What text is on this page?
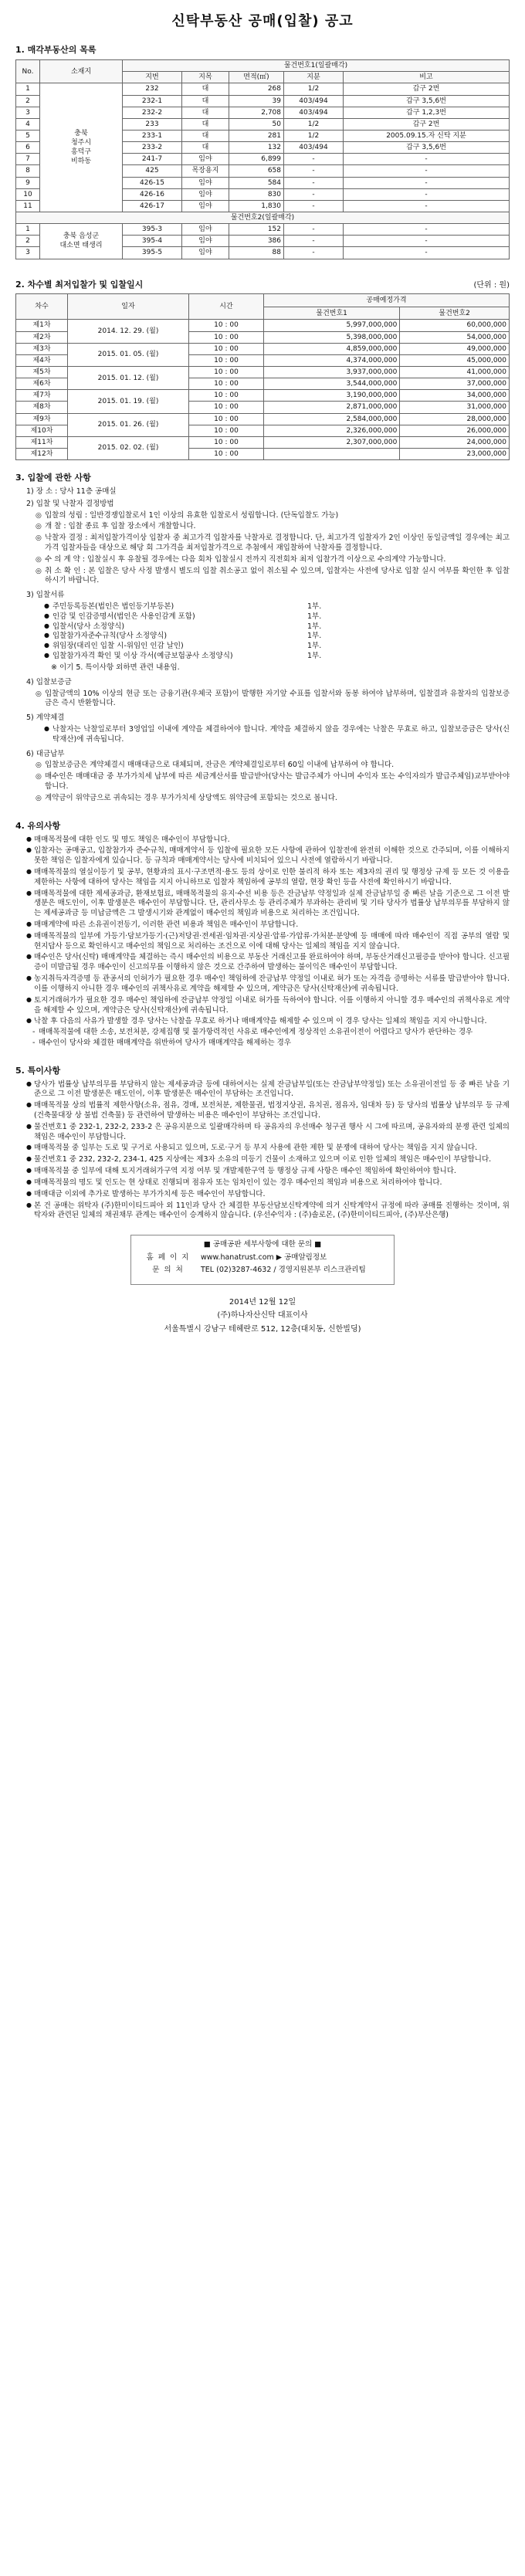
신탁부동산 공매(입찰) 공고
1. 매각부동산의 목록
No.	소재지	물건번호1(일괄매각)				
		지번	지목	면적(㎡)	지분	비고
1	충북
청주시
흥덕구
비하동	232	대	268	1/2	갑구 2번
2		232-1	대	39	403/494	갑구 3,5,6번
3		232-2	대	2,708	403/494	갑구 1,2,3번
4		233	대	50	1/2	갑구 2번
5		233-1	대	281	1/2	2005.09.15.자 신탁 지분
6		233-2	대	132	403/494	갑구 3,5,6번
7		241-7	임야	6,899	-	-
8		425	목장용지	658	-	-
9		426-15	임야	584	-	-
10		426-16	임야	830	-	-
11		426-17	임야	1,830	-	-
물건번호2(일괄매각)						
1	충북 음성군
대소면 태생리	395-3	임야	152	-	-
2		395-4	임야	386	-	-
3		395-5	임야	88	-	-
2. 차수별 최저입찰가 및 입찰일시	(단위 : 원)
차수	일자	시간	공매예정가격	
			물건번호1	물건번호2
제1차	2014. 12. 29. (월)	10 : 00	5,997,000,000	60,000,000
제2차		10 : 00	5,398,000,000	54,000,000
제3차	2015. 01. 05. (월)	10 : 00	4,859,000,000	49,000,000
제4차		10 : 00	4,374,000,000	45,000,000
제5차	2015. 01. 12. (월)	10 : 00	3,937,000,000	41,000,000
제6차		10 : 00	3,544,000,000	37,000,000
제7차	2015. 01. 19. (월)	10 : 00	3,190,000,000	34,000,000
제8차		10 : 00	2,871,000,000	31,000,000
제9차	2015. 01. 26. (월)	10 : 00	2,584,000,000	28,000,000
제10차		10 : 00	2,326,000,000	26,000,000
제11차	2015. 02. 02. (월)	10 : 00	2,307,000,000	24,000,000
제12차		10 : 00		23,000,000
3. 입찰에 관한 사항
1) 장 소 : 당사 11층 공매실
2) 입찰 및 낙찰자 결정방법
◎ 입찰의 성립 : 일반경쟁입찰로서 1인 이상의 유효한 입찰로서 성립합니다. (단독입찰도 가능)
◎ 개 찰 : 입찰 종료 후 입찰 장소에서 개찰합니다.
◎ 낙찰자 결정 : 최저입찰가격이상 입찰자 중 최고가격 입찰자를 낙찰자로 결정합니다. 단, 최고가격 입찰자가 2인 이상인 동일금액일 경우에는 최고가격 입찰자들을 대상으로 해당 회 그가격을 최저입찰가격으로 추첨에서 재입찰하여 낙찰자를 결정합니다.
◎ 수 의 계 약 : 입찰실시 후 유찰될 경우에는 다음 회차 입찰실시 전까지 직전회차 최저 입찰가격 이상으로 수의계약 가능합니다.
◎ 취 소 확 인 : 본 입찰은 당사 사정 발생시 별도의 입찰 취소공고 없이 취소될 수 있으며, 입찰자는 사전에 당사로 입찰 실시 여부를 확인한 후 입찰하시기 바랍니다.
3) 입찰서류
● 주민등록등본(법인은 법인등기부등본)	1부.
● 인감 및 인감증명서(법인은 사용인감계 포함)	1부.
● 입찰서(당사 소정양식)	1부.
● 입찰참가자준수규칙(당사 소정양식)	1부.
● 위임장(대리인 입찰 시-위임인 인감 날인)	1부.
● 입찰참가자격 확인 및 이상 각서(예금보험공사 소정양식)	1부.
※ 이기 5. 특이사항 외하면 관련 내용임.
4) 입찰보증금
◎ 입찰금액의 10% 이상의 현금 또는 금융기관(우체국 포함)이 발행한 자기앞 수표를 입찰서와 동봉 하여야 납부하며, 입찰결과 유찰자의 입찰보증금은 즉시 반환합니다.
5) 계약체결
● 낙찰자는 낙찰일로부터 3영업일 이내에 계약을 체결하여야 합니다. 계약을 체결하지 않을 경우에는 낙찰은 무효로 하고, 입찰보증금은 당사(신탁재산)에 귀속됩니다.
6) 대금납부
◎ 입찰보증금은 계약체결시 매매대금으로 대체되며, 잔금은 계약체결일로부터 60일 이내에 납부하여 야 합니다.
◎ 매수인은 매매대금 중 부가가치세 납부에 따른 세금계산서를 발급받아(당사는 발급주체가 아니며 수익자 또는 수익자의가 발급주체임)교부받아야 합니다.
◎ 계약금이 위약금으로 귀속되는 경우 부가가치세 상당액도 위약금에 포함되는 것으로 봅니다.
4. 유의사항
● 매매목적물에 대한 인도 및 명도 책임은 매수인이 부담합니다.
● 입찰자는 공매공고, 입찰참가자 준수규칙, 매매계약서 등 입찰에 필요한 모든 사항에 관하여 입찰전에 완전히 이해한 것으로 간주되며, 이를 이해하지 못한 책임은 입찰자에게 있습니다. 등 규칙과 매매계약서는 당사에 비치되어 있으니 사전에 열람하시기 바랍니다.
● 매매목적물의 열실이등기 및 공부, 현황과의 표시·구조면적·용도 등의 상이로 인한 불리적 하자 또는 제3자의 권리 및 행정상 규제 등 모든 것 이용을 제한하는 사항에 대하여 당사는 책임을 지지 아니하므로 입찰자 책임하에 공부의 열람, 현장 확인 등을 사전에 확인하시기 바랍니다.
● 매매목적물에 대한 제세공과금, 환재보험료, 매매목적물의 유지·수선 비용 등은 잔금납부 약정일과 실제 잔금납부일 중 빠른 날을 기준으로 그 이전 발생분은 매도인이, 이후 발생분은 매수인이 부담합니다. 단, 관리사무소 등 관리주체가 부과하는 관리비 및 기타 당사가 법률상 납부의무를 부담하지 않는 제세공과금 등 미납금액은 그 발생시기와 관계없이 매수인의 책임과 비용으로 처리하는 조건입니다.
● 매매계약에 따른 소유권이전등기, 이러한 관련 비용과 책임은 매수인이 부담합니다.
● 매매목적물의 일부에 가등기·담보가등기·(근)저당권·전세권·임차권·지상권·압류·가압류·가처분·분양예 등 매매에 따라 매수인이 직접 공부의 열람 및 현지답사 등으로 확인하시고 매수인의 책임으로 처리하는 조건으로 이에 대해 당사는 일체의 책임을 지지 않습니다.
● 매수인은 당사(신탁) 매매계약을 체결하는 즉시 매수인의 비용으로 부동산 거래신고를 완료하여야 하며, 부동산거래신고필증을 받아야 합니다. 신고필증이 미발급될 경우 매수인이 신고의무를 이행하지 않은 것으로 간주하여 발생하는 불이익은 매수인이 부담합니다.
● 농지취득자격증명 등 관공서의 인허가가 필요한 경우 매수인 책임하에 잔금납부 약정일 이내로 허가 또는 자격을 증명하는 서류를 발급받아야 합니다. 이를 이행하지 아니한 경우 매수인의 귀책사유로 계약을 해제할 수 있으며, 계약금은 당사(신탁재산)에 귀속됩니다.
● 토지거래허가가 필요한 경우 매수인 책임하에 잔금납부 약정일 이내로 허가를 득하여야 합니다. 이를 이행하지 아니할 경우 매수인의 귀책사유로 계약을 해제할 수 있으며, 계약금은 당사(신탁재산)에 귀속됩니다.
● 낙찰 후 다음의 사유가 발생할 경우 당사는 낙찰을 무효로 하거나 매매계약을 해제할 수 있으며 이 경우 당사는 일체의 책임을 지지 아니합니다.
- 매매목적물에 대한 소송, 보전처분, 강제집행 및 물가항력적인 사유로 매수인에게 정상적인 소유권이전이 어렵다고 당사가 판단하는 경우
- 매수인이 당사와 체결한 매매계약을 위반하여 당사가 매매계약을 해제하는 경우
5. 특이사항
● 당사가 법률상 납부의무를 부담하지 않는 제세공과금 등에 대하여서는 실제 잔금납부일(또는 잔금납부약정일) 또는 소유권이전일 등 중 빠른 날을 기준으로 그 이전 발생분은 매도인이, 이후 발생분은 매수인이 부담하는 조건입니다.
● 매매목적물 상의 법률적 제한사항(소유, 점유, 경매, 보전처분, 제한물권, 법정지상권, 유치권, 점유자, 임대차 등) 등 당사의 법률상 납부의무 등 규제(건축물대장 상 불법 건축물) 등 관련하여 발생하는 비용은 매수인이 부담하는 조건입니다.
● 물건번호1 중 232-1, 232-2, 233-2 은 공유지분으로 일괄매각하며 타 공유자의 우선매수 청구권 행사 시 그에 따르며, 공유자와의 분쟁 관련 일체의 책임은 매수인이 부담합니다.
● 매매목적물 중 일부는 도로 및 구거로 사용되고 있으며, 도로·구거 등 부지 사용에 관한 제한 및 분쟁에 대하여 당사는 책임을 지지 않습니다.
● 물건번호1 중 232, 232-2, 234-1, 425 지상에는 제3자 소유의 미등기 건물이 소재하고 있으며 이로 인한 일체의 책임은 매수인이 부담합니다.
● 매매목적물 중 일부에 대해 토지거래허가구역 지정 여부 및 개발제한구역 등 행정상 규제 사항은 매수인 책임하에 확인하여야 합니다.
● 매매목적물의 명도 및 인도는 현 상태로 진행되며 점유자 또는 임차인이 있는 경우 매수인의 책임과 비용으로 처리하여야 합니다.
● 매매대금 이외에 추가로 발생하는 부가가치세 등은 매수인이 부담합니다.
● 본 건 공매는 위탁자 (주)한미이티드피아 외 11인과 당사 간 체결한 부동산담보신탁계약에 의거 신탁계약서 규정에 따라 공매를 진행하는 것이며, 위탁자와 관련된 일체의 채권채무 관계는 매수인이 승계하지 않습니다. (우선수익자 : (주)솔로몬, (주)한미이티드피아, (주)부산은행)
■ 공매공판 세부사항에 대한 문의 ■
홈페이지	www.hanatrust.com ▶ 공매알림정보
문의처	TEL (02)3287-4632 / 경영지원본부 리스크관리팀
2014년 12월 12일
(주)하나자산신탁 대표이사
서울특별시 강남구 테헤란로 512, 12층(대치동, 신한빌딩)
